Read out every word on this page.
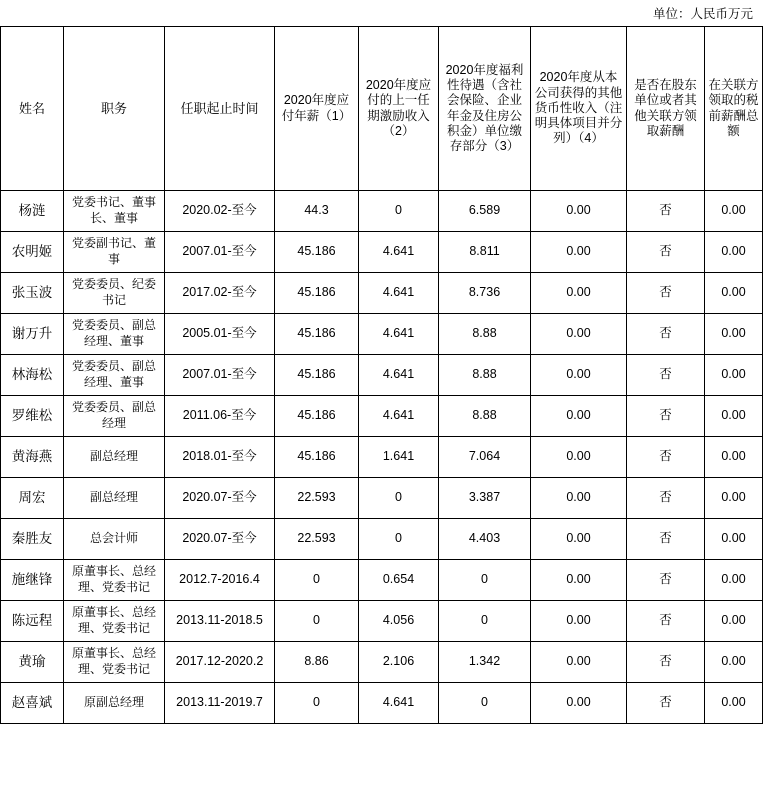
单位：人民币万元
姓名	职务	任职起止时间	2020年度应付年薪（1）	2020年度应付的上一任期激励收入（2）	2020年度福利性待遇（含社会保险、企业年金及住房公积金）单位缴存部分（3）	2020年度从本公司获得的其他货币性收入（注明具体项目并分列）（4）	是否在股东单位或者其他关联方领取薪酬	在关联方领取的税前薪酬总额
杨涟	党委书记、董事长、董事	2020.02-至今	44.3	0	6.589	0.00	否	0.00
农明姬	党委副书记、董事	2007.01-至今	45.186	4.641	8.811	0.00	否	0.00
张玉波	党委委员、纪委书记	2017.02-至今	45.186	4.641	8.736	0.00	否	0.00
谢万升	党委委员、副总经理、董事	2005.01-至今	45.186	4.641	8.88	0.00	否	0.00
林海松	党委委员、副总经理、董事	2007.01-至今	45.186	4.641	8.88	0.00	否	0.00
罗维松	党委委员、副总经理	2011.06-至今	45.186	4.641	8.88	0.00	否	0.00
黄海燕	副总经理	2018.01-至今	45.186	1.641	7.064	0.00	否	0.00
周宏	副总经理	2020.07-至今	22.593	0	3.387	0.00	否	0.00
秦胜友	总会计师	2020.07-至今	22.593	0	4.403	0.00	否	0.00
施继锋	原董事长、总经理、党委书记	2012.7-2016.4	0	0.654	0	0.00	否	0.00
陈远程	原董事长、总经理、党委书记	2013.11-2018.5	0	4.056	0	0.00	否	0.00
黄瑜	原董事长、总经理、党委书记	2017.12-2020.2	8.86	2.106	1.342	0.00	否	0.00
赵喜斌	原副总经理	2013.11-2019.7	0	4.641	0	0.00	否	0.00
